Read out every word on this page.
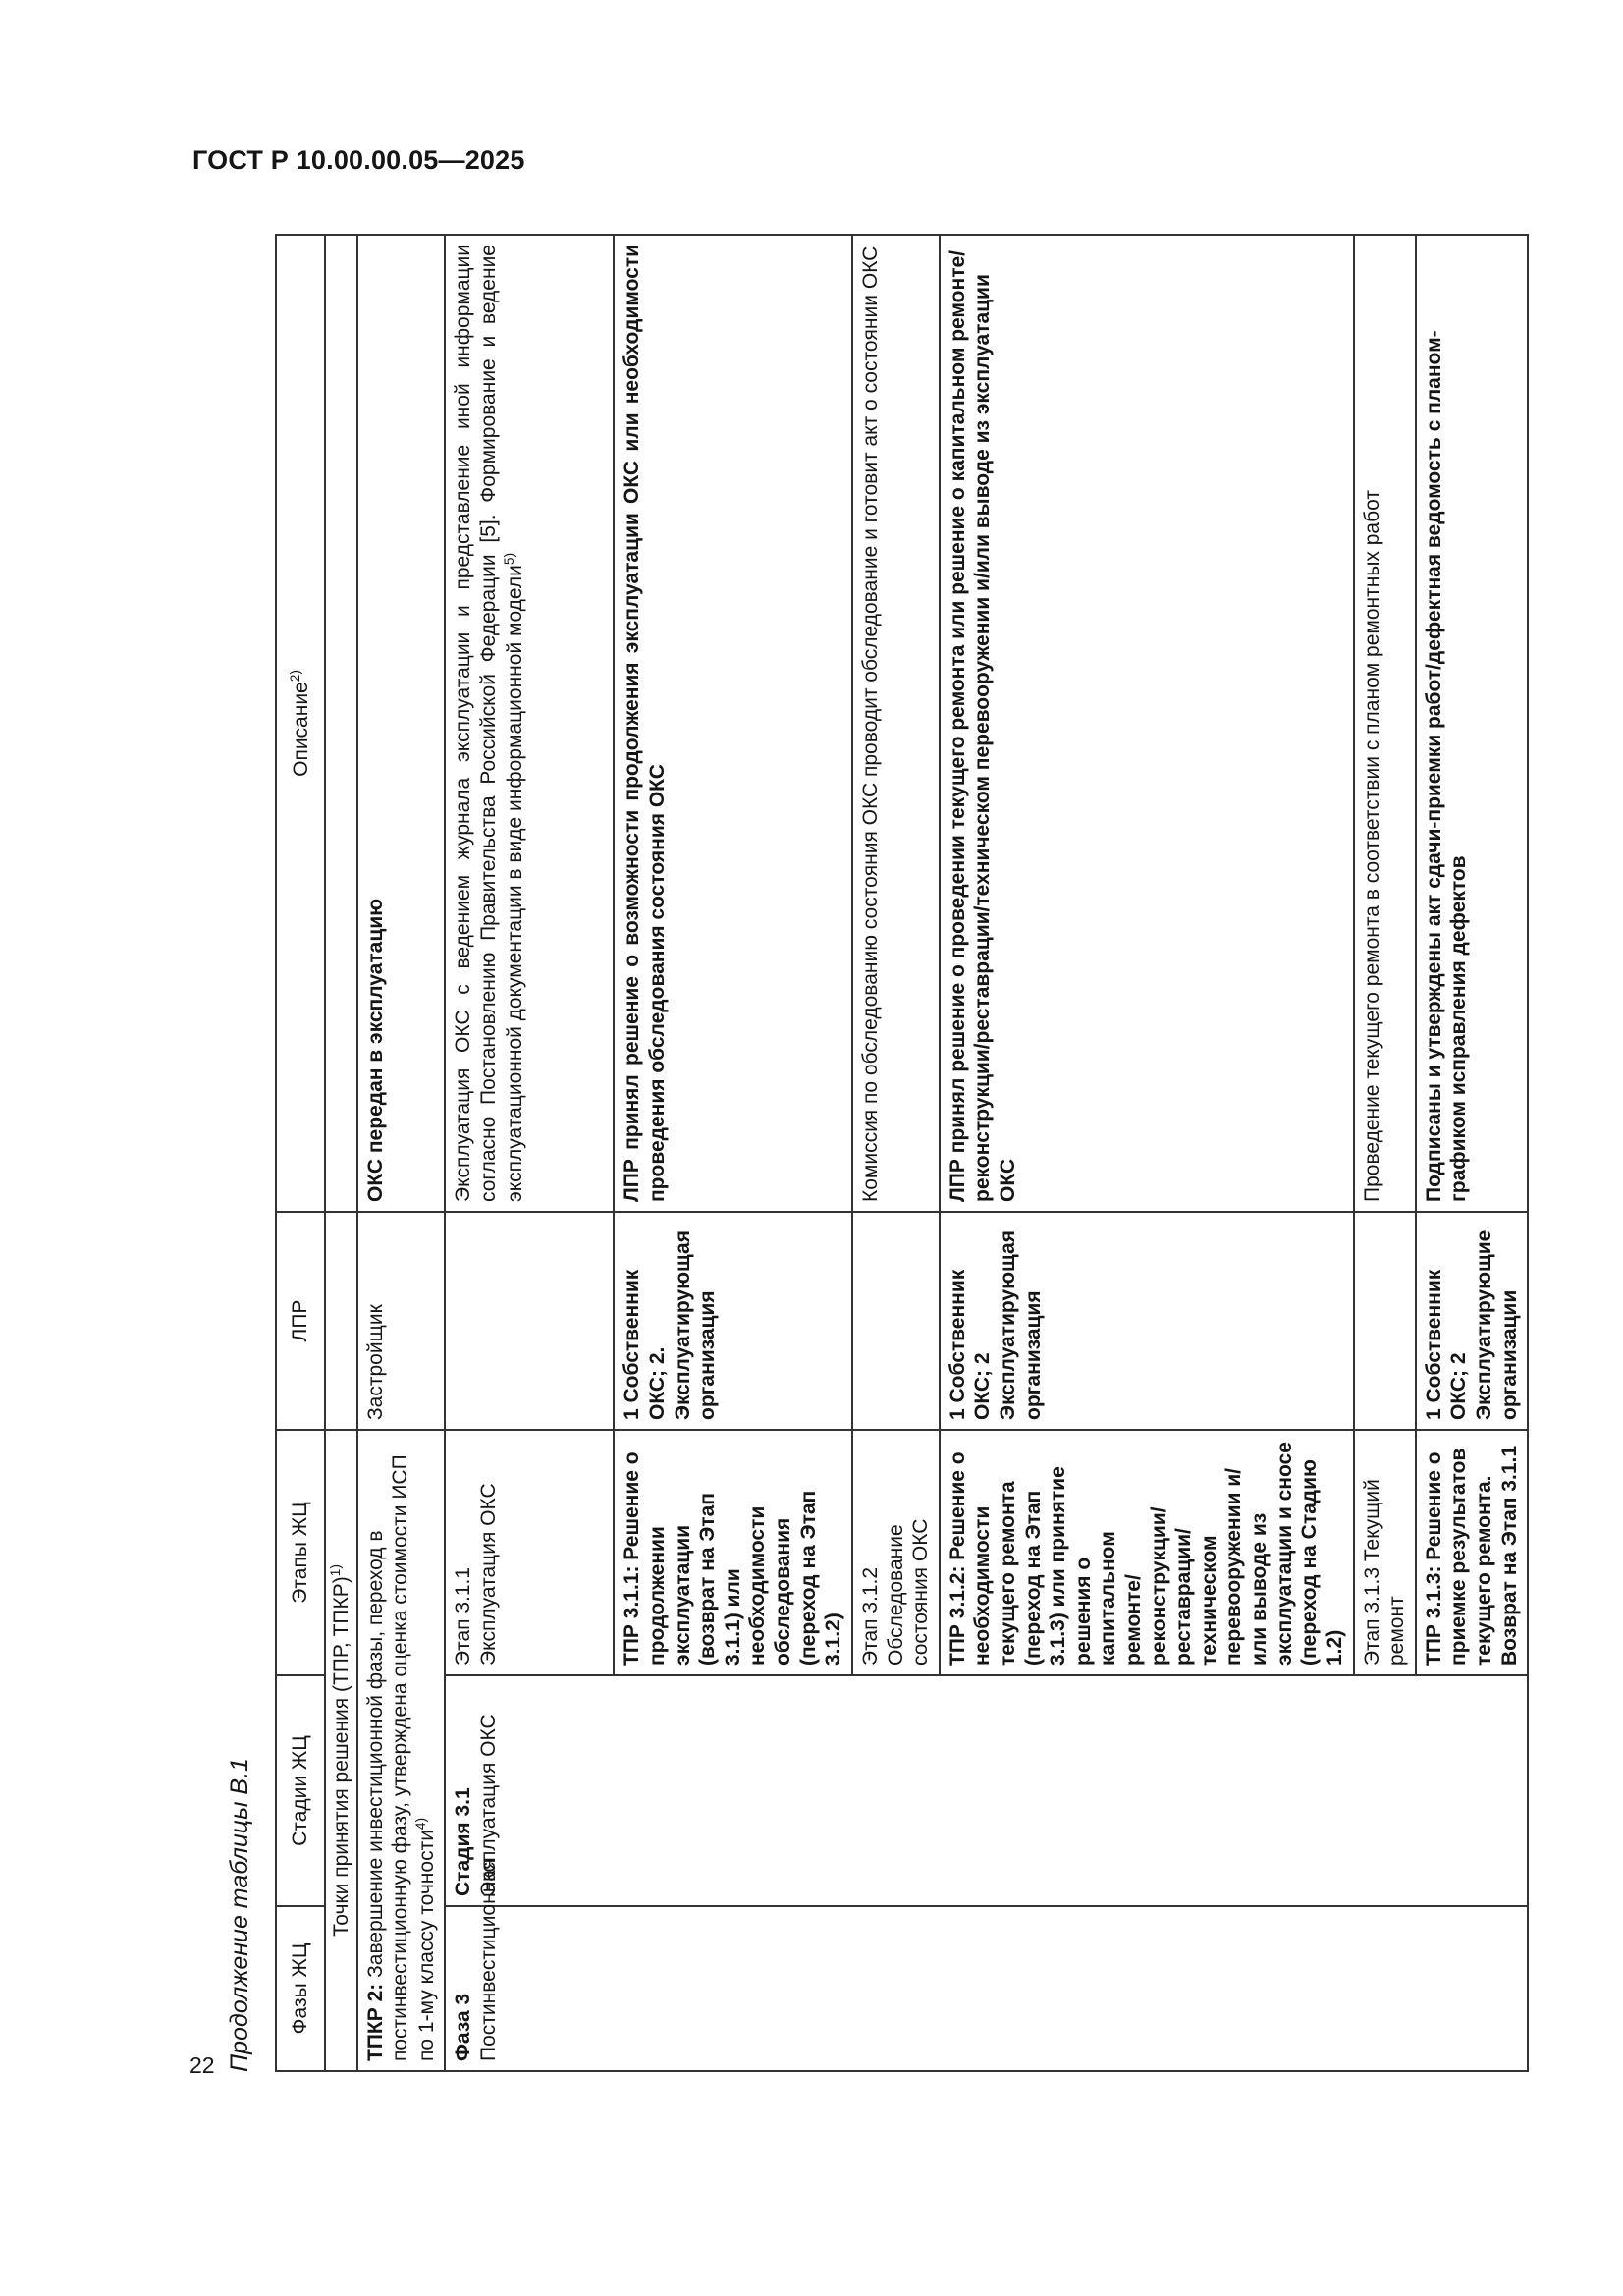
ГОСТ Р 10.00.00.05—2025
22 Продолжение таблицы В.1 Фазы ЖЦ	Стадии ЖЦ	Этапы ЖЦ	ЛПР	Описание$^{2)}$
Точки принятия решения (ТПР, ТПКР)$^{1)}$		
ТПКР 2: Завершение инвестиционной фазы, переход в постинвестиционную фазу, утверждена оценка стоимости ИСП по 1-му классу точности$^{4)}$			Застройщик	ОКС передан в эксплуатацию
Фаза 3 Постинвестиционная	Стадия 3.1 Эксплуатация ОКС	Этап 3.1.1 Эксплуатация ОКС		Эксплуатация ОКС с ведением журнала эксплуатации и представление иной информации согласно Постановлению Правительства Российской Федерации [5]. Формирование и ведение эксплуатационной документации в виде информационной модели$^{5)}$
		ТПР 3.1.1: Решение о продолжении эксплуатации (возврат на Этап 3.1.1) или необходимости обследования (переход на Этап 3.1.2)	1 Собственник ОКС; 2. Эксплуатирующая организация	ЛПР принял решение о возможности продолжения эксплуатации ОКС или необходимости проведения обследования состояния ОКС
		Этап 3.1.2 Обследование состояния ОКС		Комиссия по обследованию состояния ОКС проводит обследование и готовит акт о состоянии ОКС
		ТПР 3.1.2: Решение о необходимости текущего ремонта (переход на Этап 3.1.3) или принятие решения о капитальном ремонте/реконструкции/реставрации/техническом перевооружении и/или выводе из эксплуатации и сносе (переход на Стадию 1.2)	1 Собственник ОКС; 2 Эксплуатирующая организация	ЛПР принял решение о проведении текущего ремонта или решение о капитальном ремонте/реконструкции/реставрации/техническом перевооружении и/или выводе из эксплуатации ОКС
		Этап 3.1.3 Текущий ремонт		Проведение текущего ремонта в соответствии с планом ремонтных работ
		ТПР 3.1.3: Решение о приемке результатов текущего ремонта. Возврат на Этап 3.1.1	1 Собственник ОКС; 2 Эксплуатирующие организации	Подписаны и утверждены акт сдачи-приемки работ/дефектная ведомость с планом-графиком исправления дефектов
